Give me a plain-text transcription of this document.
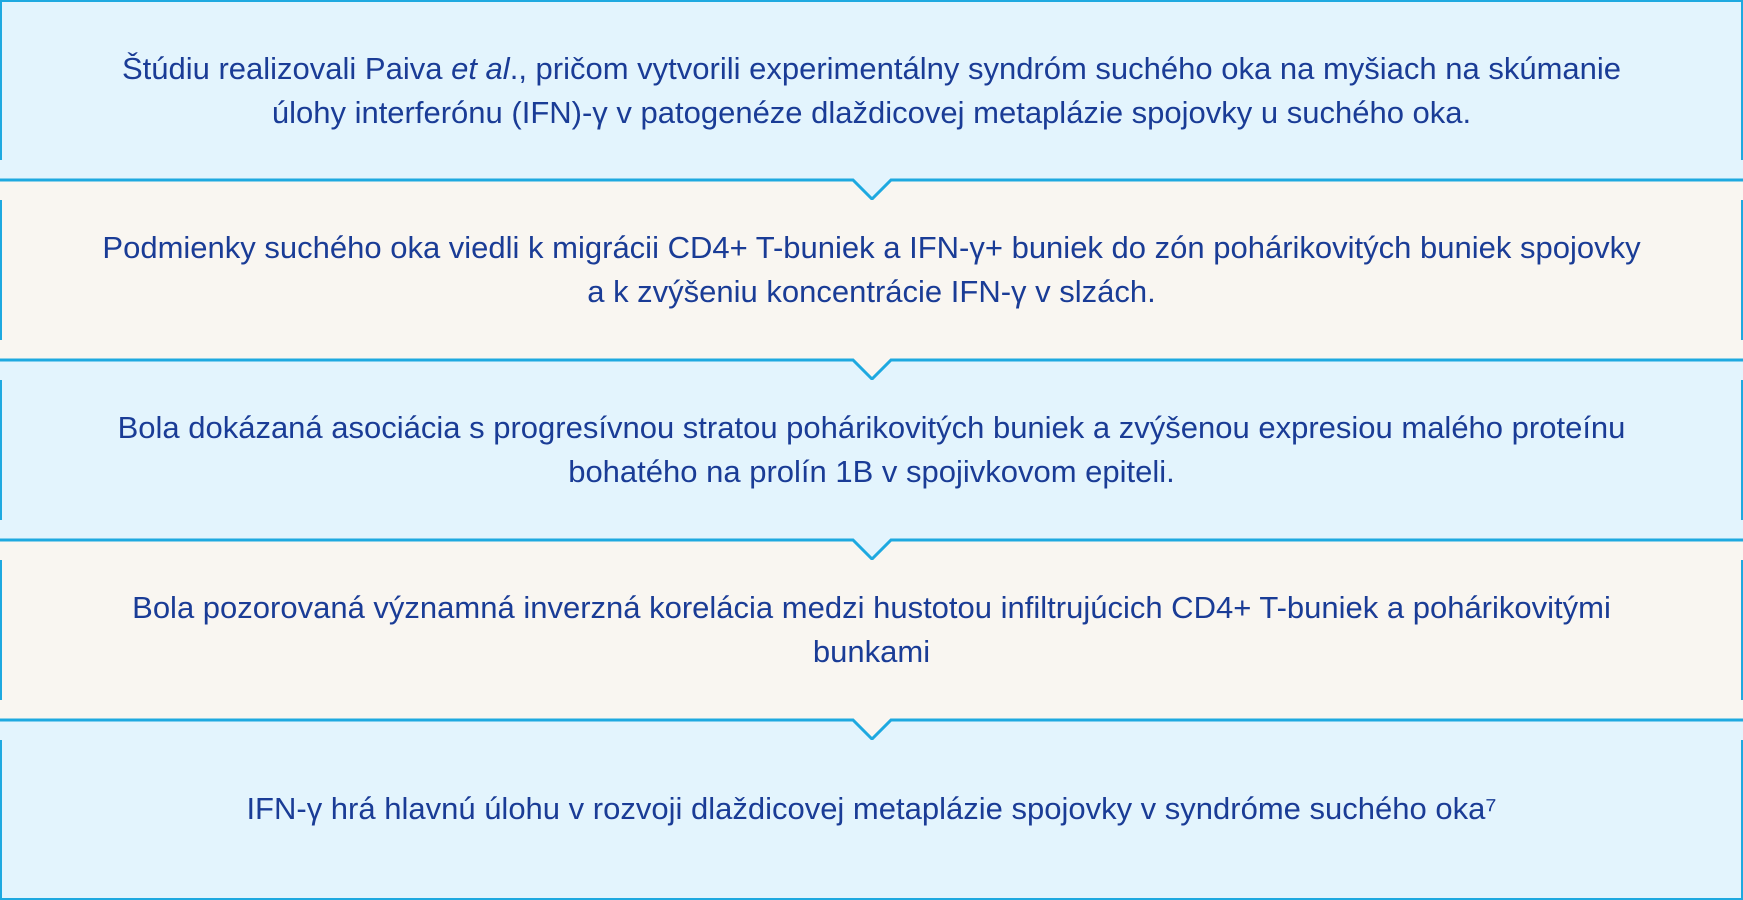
Štúdiu realizovali Paiva et al., pričom vytvorili experimentálny syndróm suchého oka na myšiach na skúmanie úlohy interferónu (IFN)-γ v patogenéze dlaždicovej metaplázie spojovky u suchého oka.
Podmienky suchého oka viedli k migrácii CD4+ T-buniek a IFN-γ+ buniek do zón pohárikovitých buniek spojovky a k zvýšeniu koncentrácie IFN-γ v slzách.
Bola dokázaná asociácia s progresívnou stratou pohárikovitých buniek a zvýšenou expresiou malého proteínu bohatého na prolín 1B v spojivkovom epiteli.
Bola pozorovaná významná inverzná korelácia medzi hustotou infiltrujúcich CD4+ T-buniek a pohárikovitými bunkami
IFN-γ hrá hlavnú úlohu v rozvoji dlaždicovej metaplázie spojovky v syndróme suchého oka⁷
